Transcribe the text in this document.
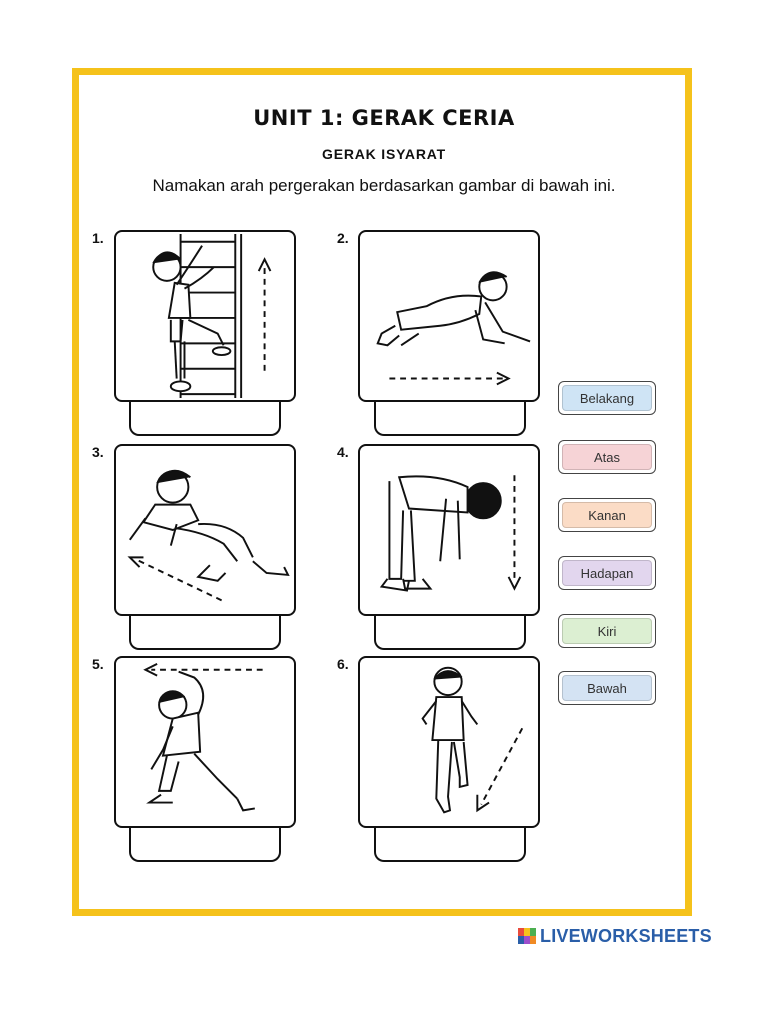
UNIT 1: GERAK CERIA
GERAK ISYARAT
Namakan arah pergerakan berdasarkan gambar di bawah ini.
1.	2.
3.	4.
5.	6.
Belakang
Atas
Kanan
Hadapan
Kiri
Bawah
LIVEWORKSHEETS
